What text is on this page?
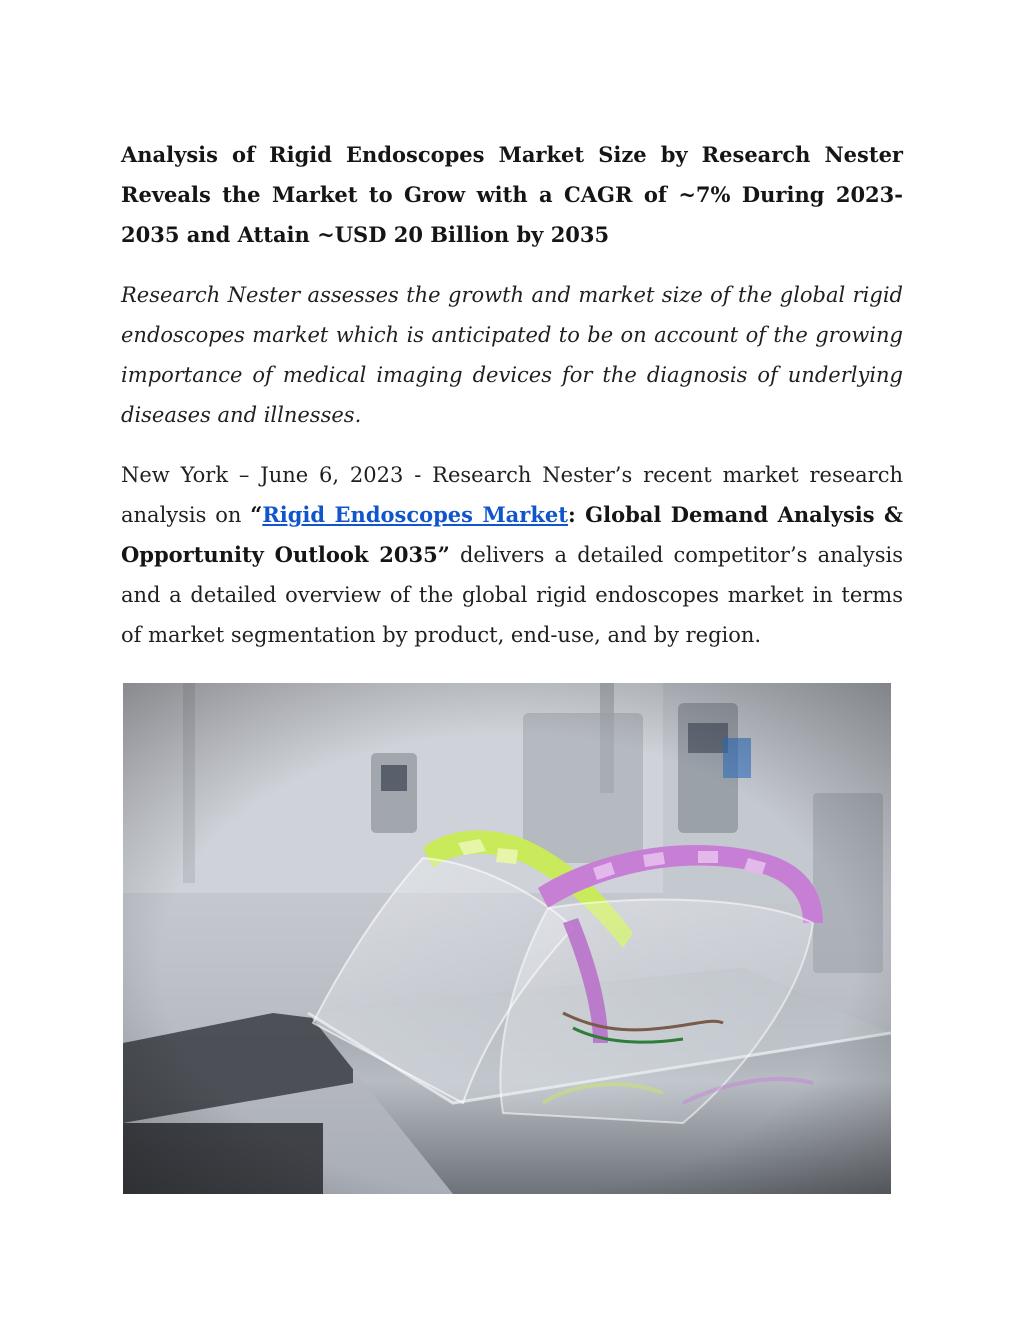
Analysis of Rigid Endoscopes Market Size by Research Nester Reveals the Market to Grow with a CAGR of ~7% During 2023-2035 and Attain ~USD 20 Billion by 2035

Research Nester assesses the growth and market size of the global rigid endoscopes market which is anticipated to be on account of the growing importance of medical imaging devices for the diagnosis of underlying diseases and illnesses.

New York – June 6, 2023 - Research Nester’s recent market research analysis on “Rigid Endoscopes Market: Global Demand Analysis & Opportunity Outlook 2035” delivers a detailed competitor’s analysis and a detailed overview of the global rigid endoscopes market in terms of market segmentation by product, end-use, and by region.
